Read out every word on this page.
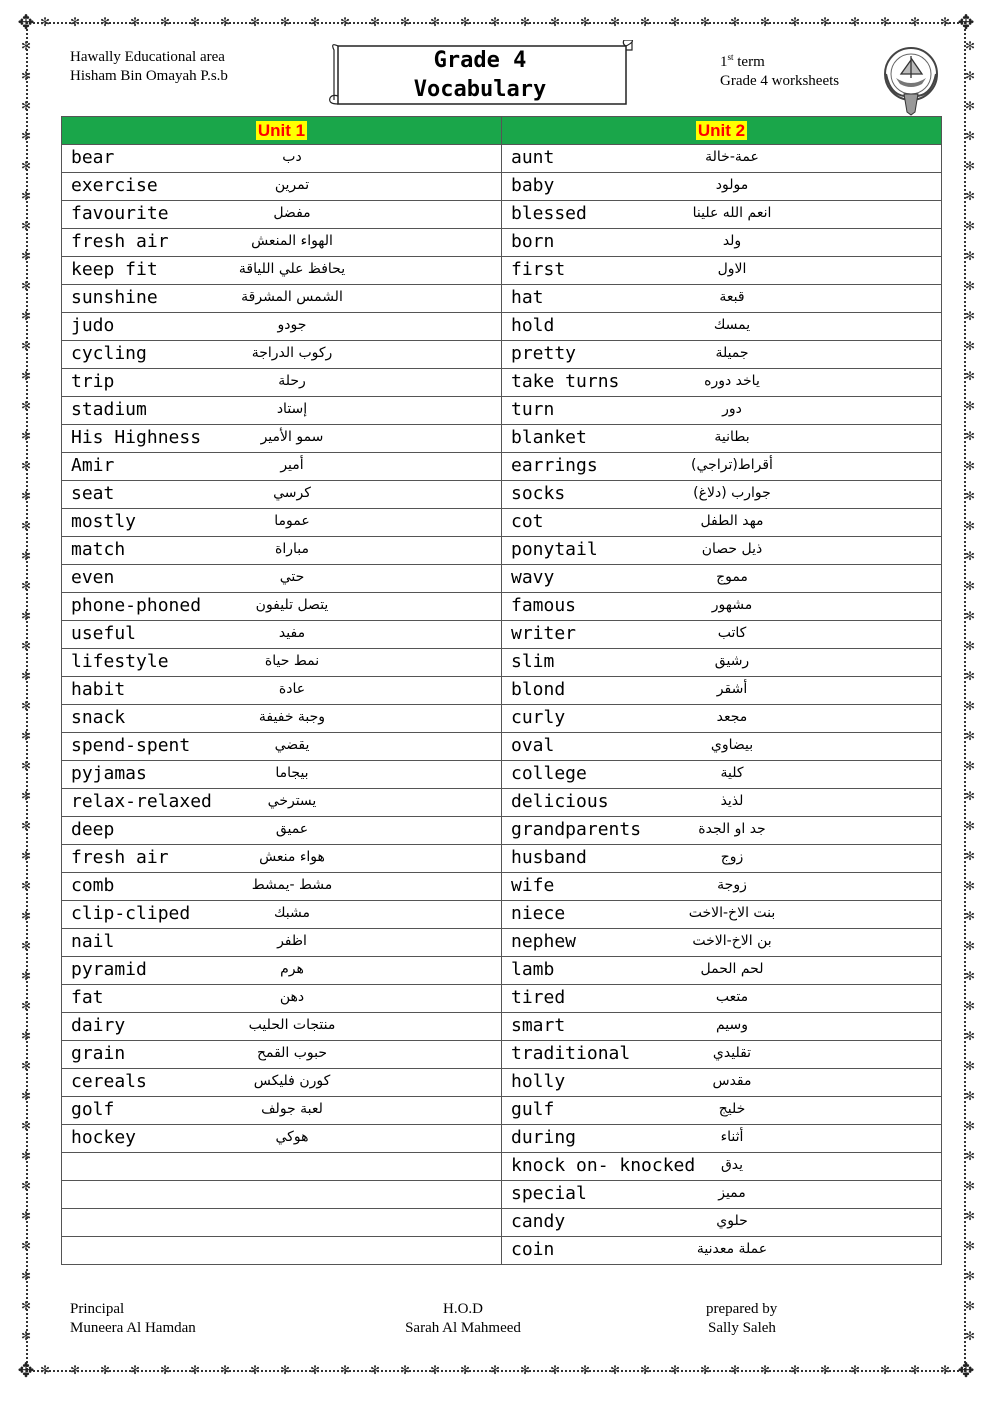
✥	✥
✥	✥
Hawally Educational area
Hisham Bin Omayah P.s.b
Grade 4
Vocabulary
1st term
Grade 4 worksheets
Unit 1	Unit 2

bear دب	aunt عمة-خالة

exercise تمرين	baby مولود

favourite مفضل	blessed انعم الله علينا

fresh air الهواء المنعش	born ولد

keep fit يحافظ علي اللياقة	first الاول

sunshine الشمس المشرقة	hat قبعة

judo جودو	hold يمسك

cycling ركوب الدراجة	pretty جميلة

trip رحلة	take turns ياخد دوره

stadium إستاد	turn دور

His Highness سمو الأمير	blanket بطانية

Amir أمير	earrings أقراط(تراجي)

seat كرسي	socks جوارب (دلاغ)

mostly عموما	cot مهد الطفل

match مباراة	ponytail ذيل حصان

even حتي	wavy مموج

phone-phoned يتصل تليفون	famous مشهور

useful مفيد	writer كاتب

lifestyle نمط حياة	slim رشيق

habit عادة	blond أشقر

snack وجبة خفيفة	curly مجعد

spend-spent يقضي	oval بيضاوي

pyjamas بيجاما	college كلية

relax-relaxed يسترخي	delicious لذيذ

deep عميق	grandparents جد او الجدة

fresh air هواء منعش	husband زوج

comb مشط -يمشط	wife زوجة

clip-cliped مشبك	niece بنت الاخ-الاخت

nail اظفر	nephew بن الاخ-الاخت

pyramid هرم	lamb لحم الحمل

fat دهن	tired متعب

dairy منتجات الحليب	smart وسيم

grain حبوب القمح	traditional تقليدي

cereals كورن فليكس	holly مقدس

golf لعبة جولف	gulf خليج

hockey هوكي	during أثناء

	knock on- knocked يدق

	special مميز

	candy حلوي

	coin عملة معدنية
Principal
Muneera Al Hamdan
H.O.D
Sarah Al Mahmeed
prepared by
Sally Saleh
✻	✻
✻	✻
✻	✻
✻	✻
✻	✻
✻	✻
✻	✻
✻	✻
✻	✻
✻	✻
✻	✻
✻	✻
✻	✻
✻	✻
✻	✻
✻	✻
✻	✻
✻	✻
✻	✻
✻	✻
✻	✻
✻	✻
✻	✻
✻	✻
✻	✻
✻	✻
✻	✻
✻	✻
✻	✻
✻	✻
✻	✻
✻	✻
✻	✻
✻	✻
✻	✻
✻	✻
✻	✻
✻	✻
✻	✻
✻	✻
✻	✻
✻	✻
✻	✻
✻	✻
✻
✻
✻
✻
✻
✻
✻
✻
✻
✻
✻
✻
✻
✻
✻
✻
✻
✻
✻
✻
✻
✻
✻
✻
✻
✻
✻
✻
✻
✻
✻
✻
✻
✻
✻
✻
✻
✻
✻
✻
✻
✻
✻
✻
✻
✻
✻
✻
✻
✻
✻
✻
✻
✻
✻
✻
✻
✻
✻
✻
✻
✻
